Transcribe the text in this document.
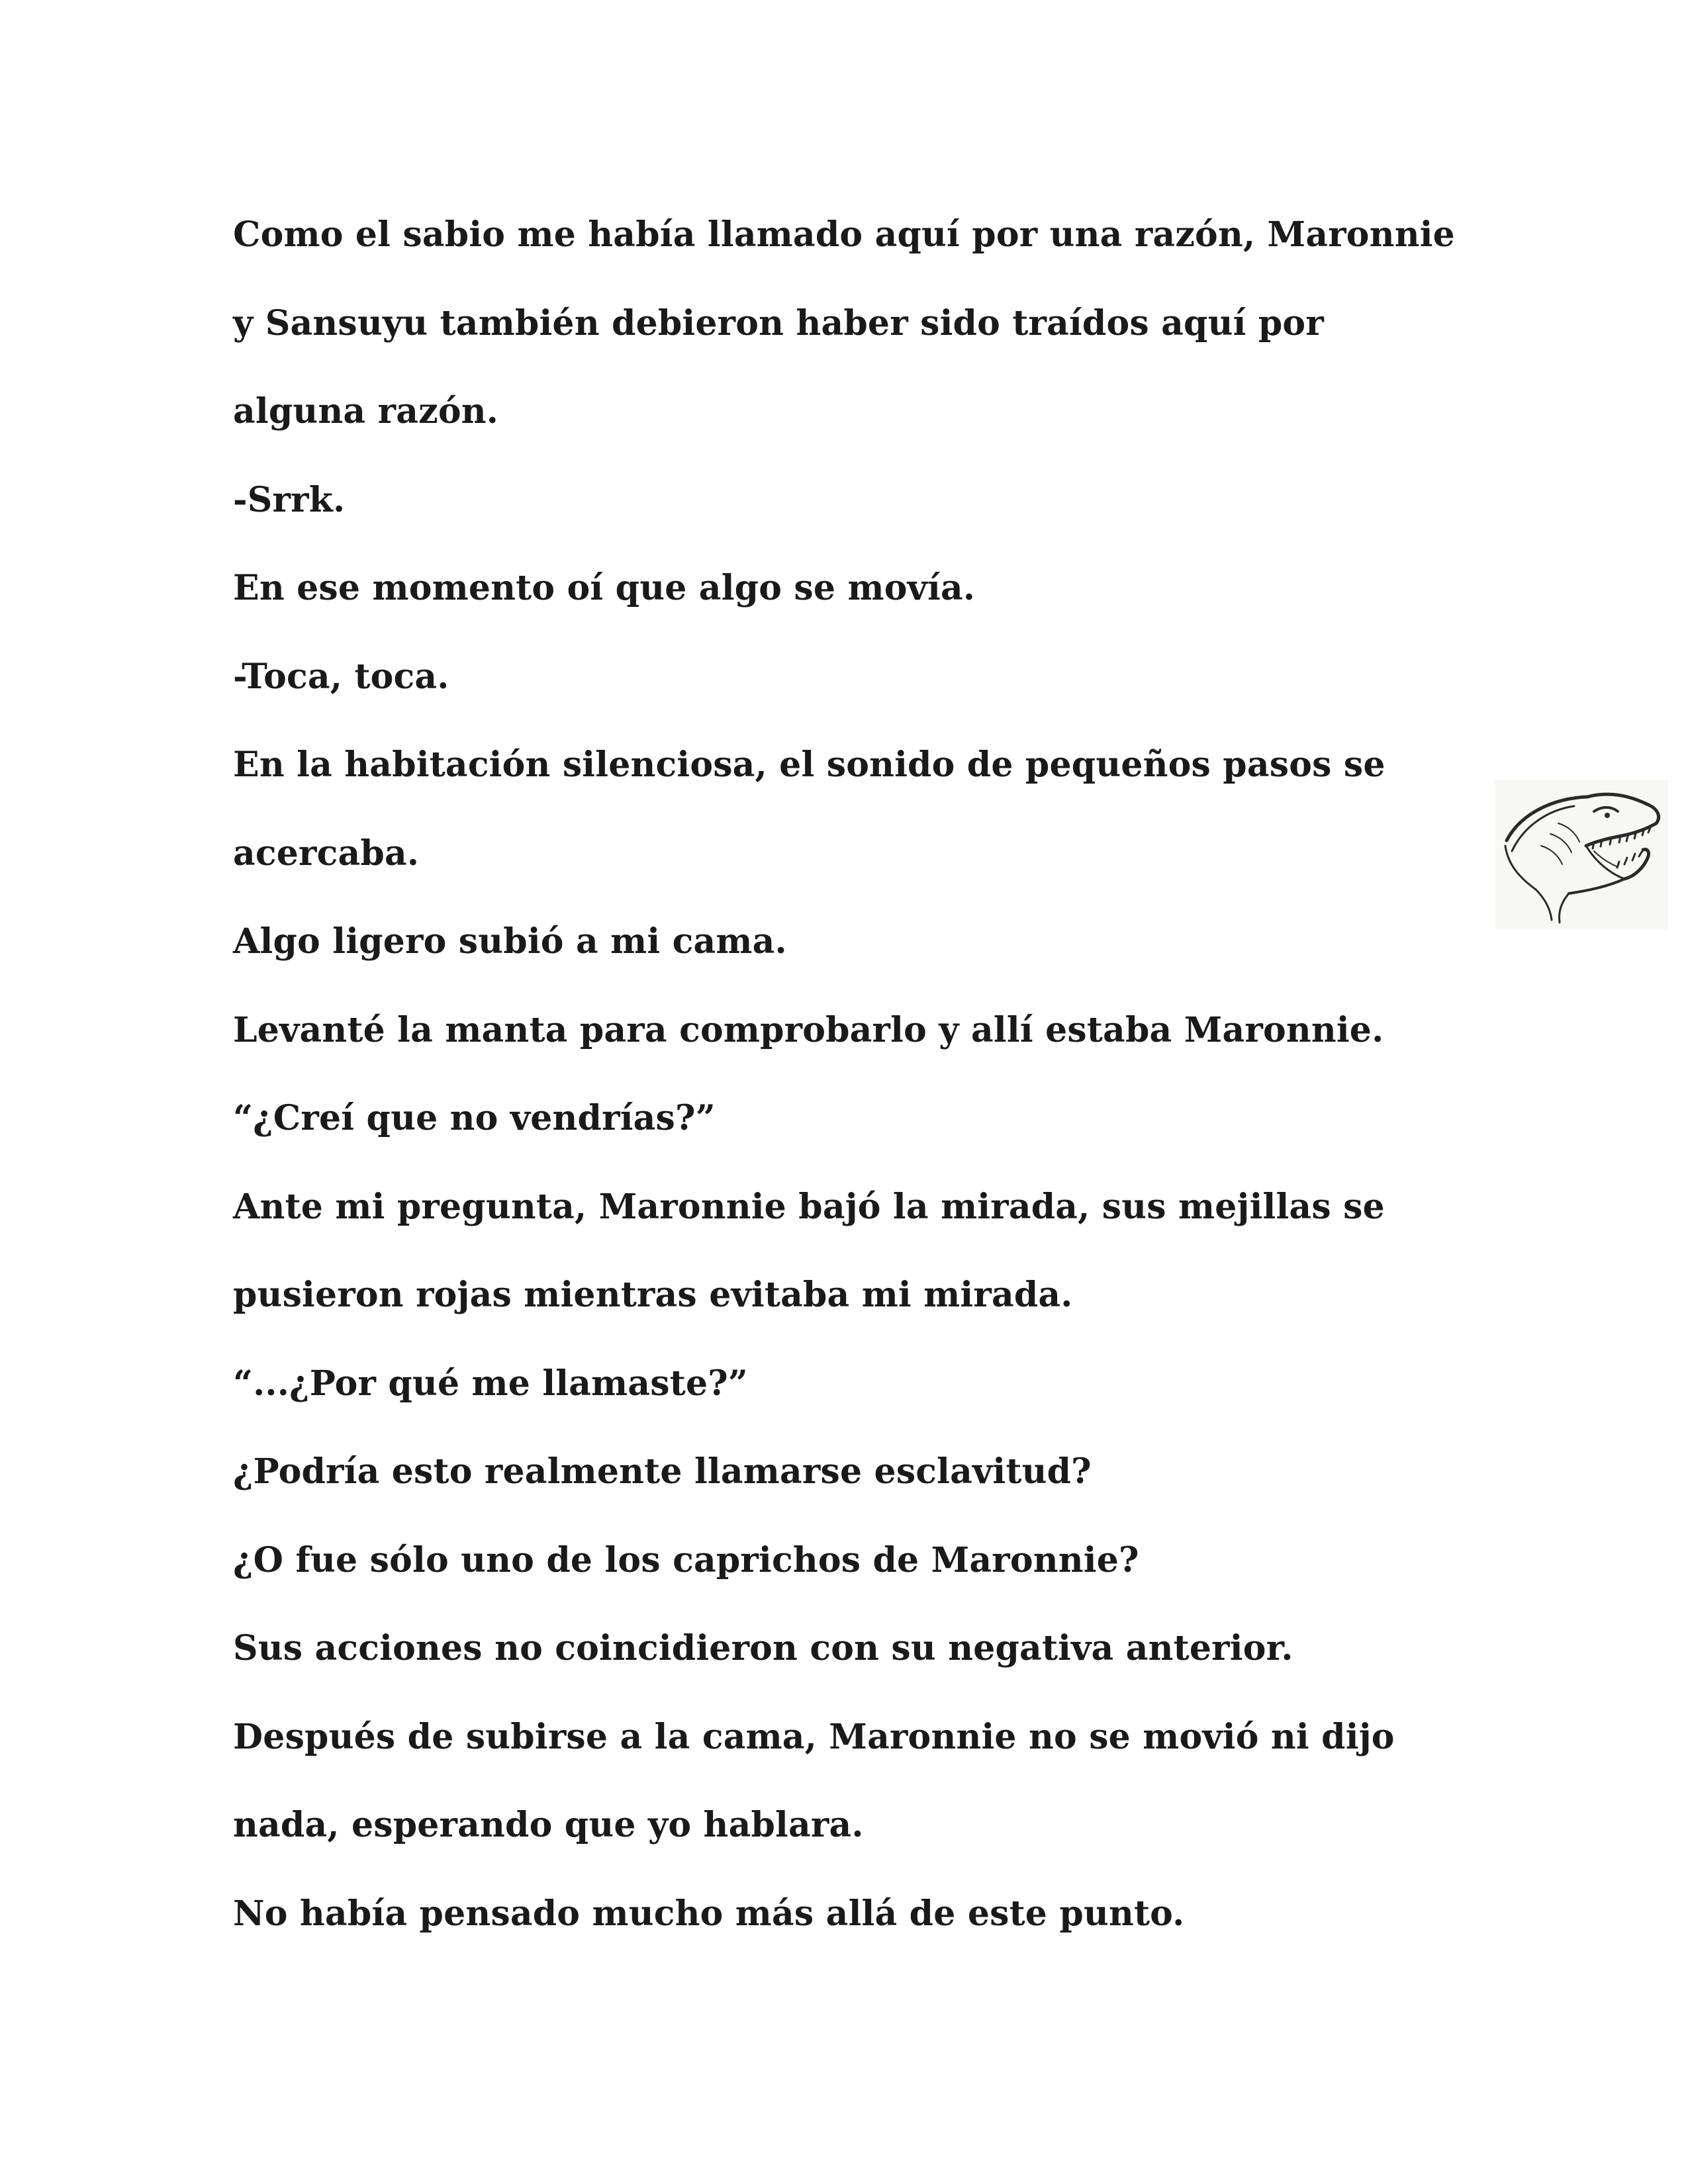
Como el sabio me había llamado aquí por una razón, Maronnie

y Sansuyu también debieron haber sido traídos aquí por

alguna razón.

-Srrk.

En ese momento oí que algo se movía.

-Toca, toca.

En la habitación silenciosa, el sonido de pequeños pasos se

acercaba.

Algo ligero subió a mi cama.

Levanté la manta para comprobarlo y allí estaba Maronnie.

“¿Creí que no vendrías?”

Ante mi pregunta, Maronnie bajó la mirada, sus mejillas se

pusieron rojas mientras evitaba mi mirada.

“...¿Por qué me llamaste?”

¿Podría esto realmente llamarse esclavitud?

¿O fue sólo uno de los caprichos de Maronnie?

Sus acciones no coincidieron con su negativa anterior.

Después de subirse a la cama, Maronnie no se movió ni dijo

nada, esperando que yo hablara.

No había pensado mucho más allá de este punto.
